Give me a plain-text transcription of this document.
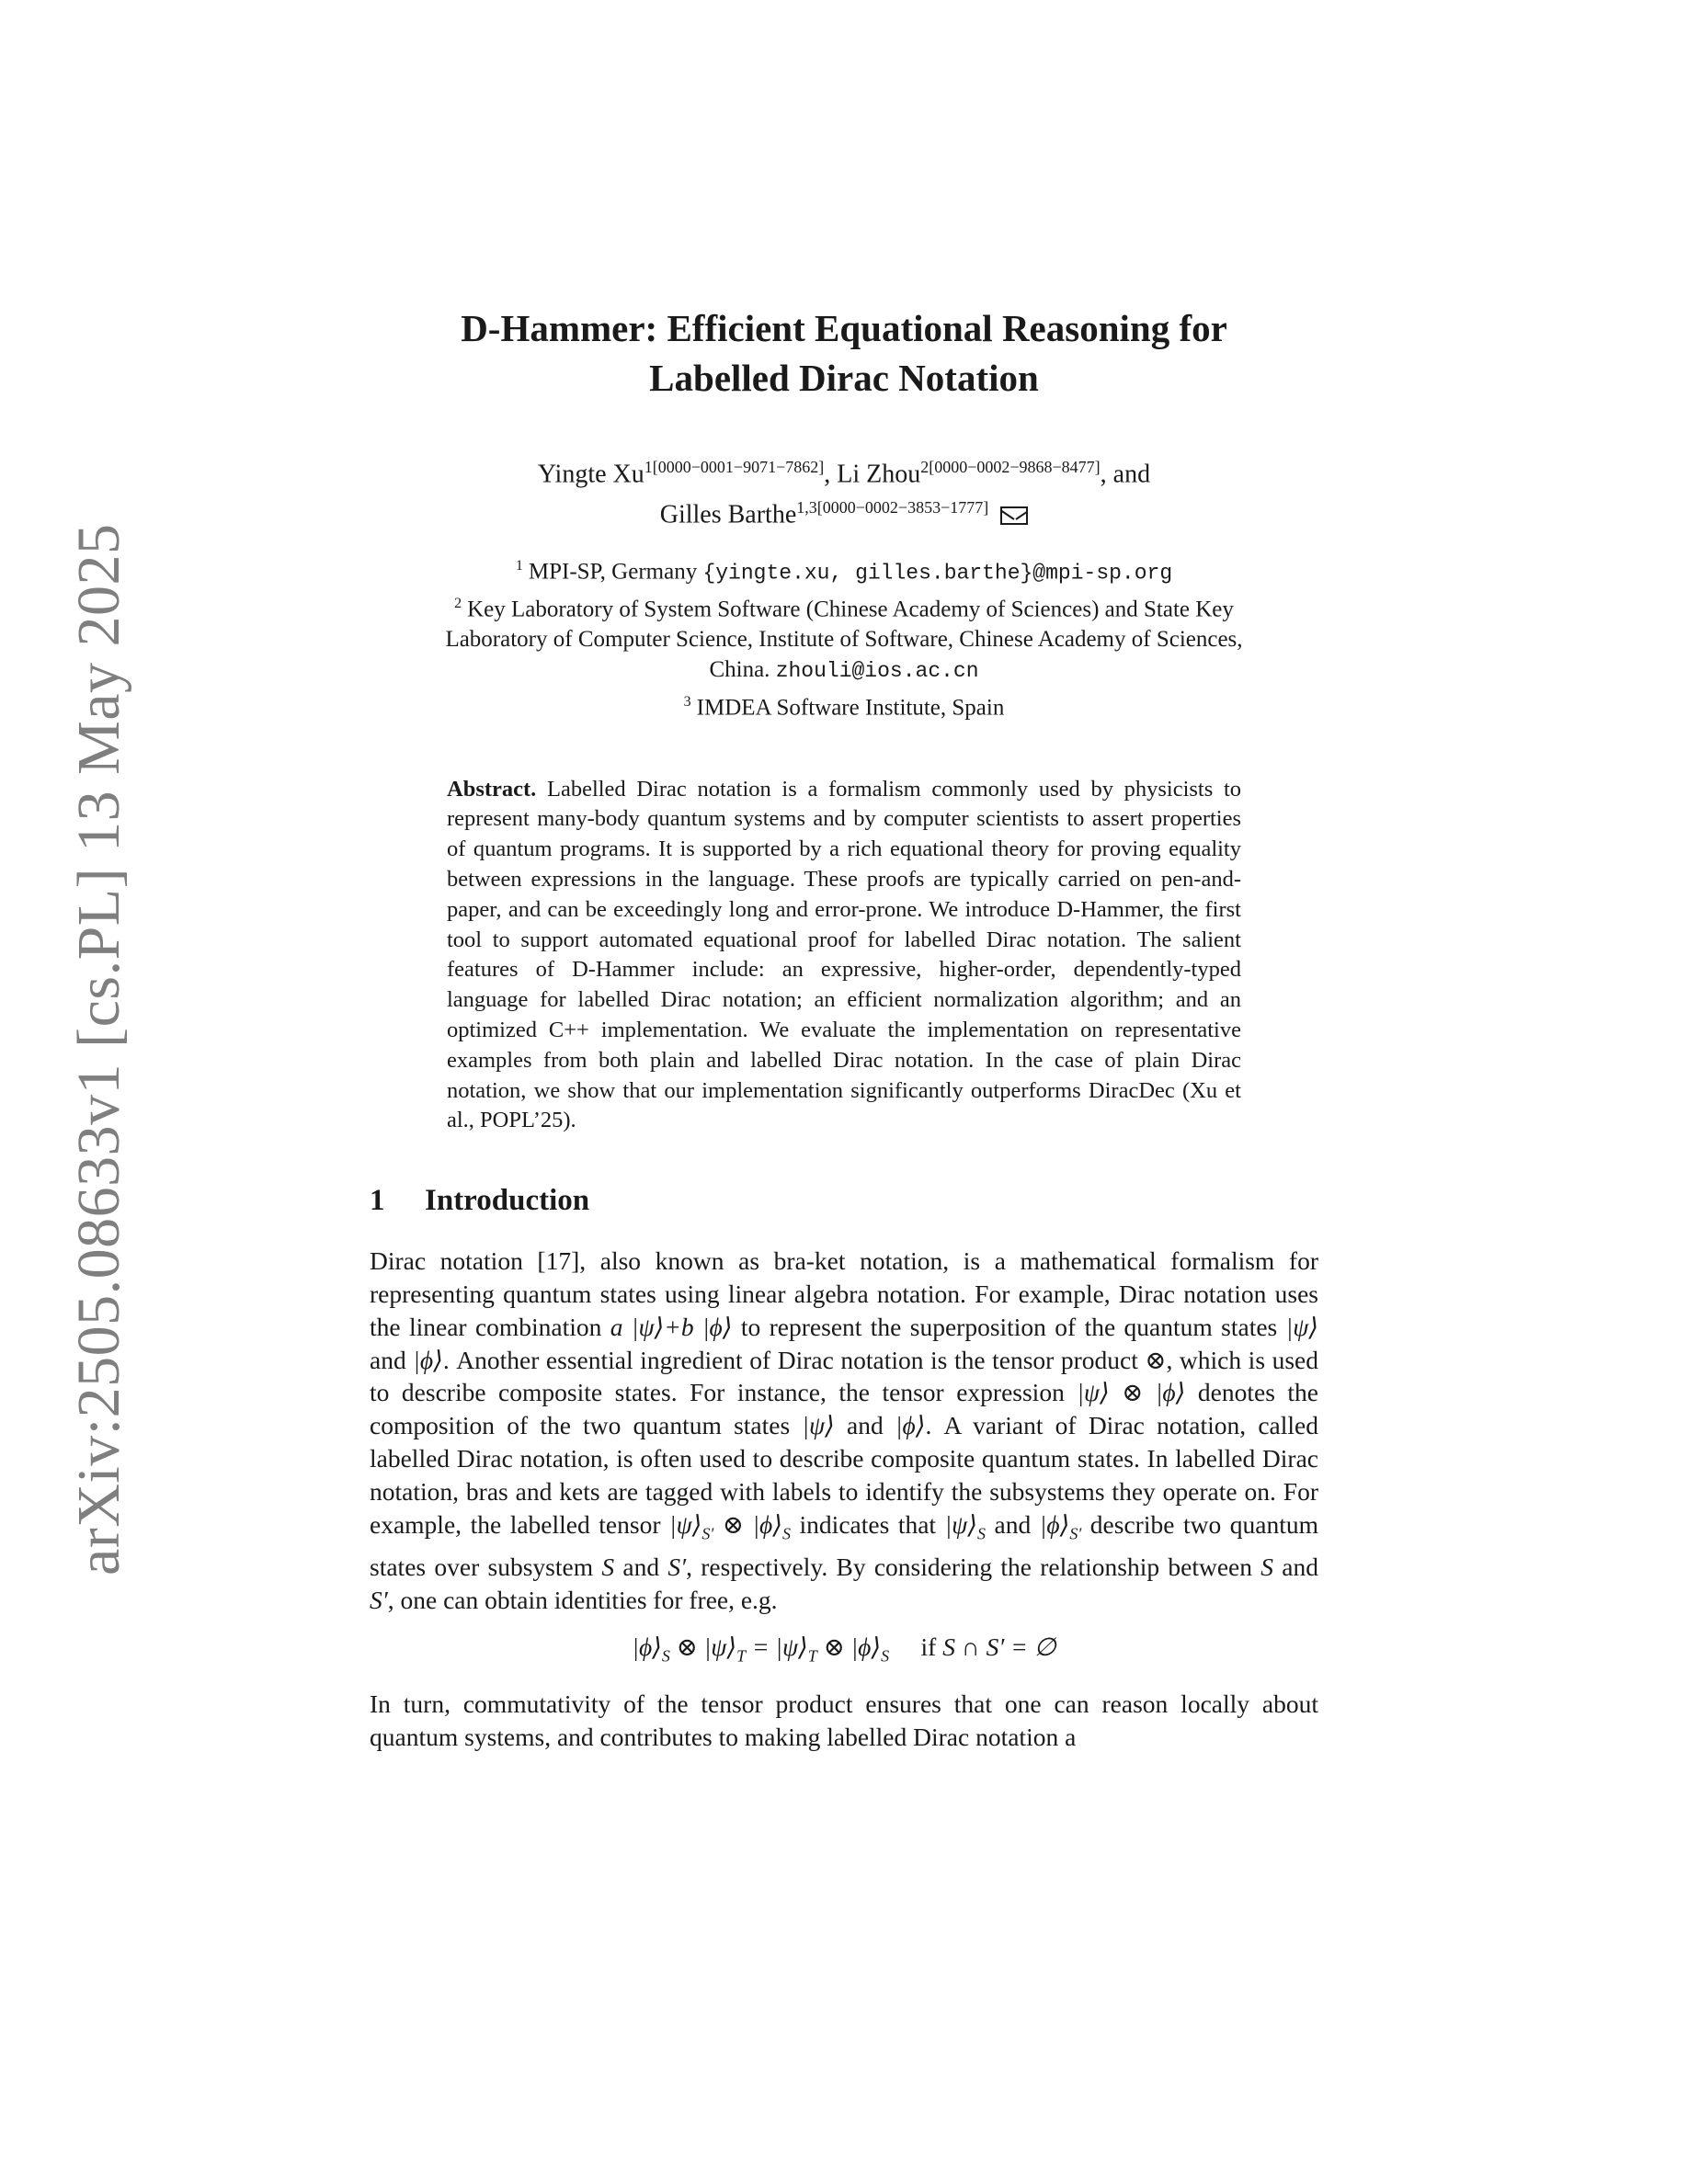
arXiv:2505.08633v1 [cs.PL] 13 May 2025
D-Hammer: Efficient Equational Reasoning for
Labelled Dirac Notation
Yingte $Xu^{1[0000-0001-9071-7862]}$, Li Zhou$^{2[0000-0002-9868-8477]}$, and
Gilles Barthe$^{1,3[0000-0002-3853-1777]}$
$^1$ MPI-SP, Germany {yingte.xu, gilles.barthe}@mpi-sp.org
$^2$ Key Laboratory of System Software (Chinese Academy of Sciences) and State Key
Laboratory of Computer Science, Institute of Software, Chinese Academy of Sciences,
China. zhouli@ios.ac.cn
$^3$ IMDEA Software Institute, Spain
Abstract. Labelled Dirac notation is a formalism commonly used by physicists to represent many-body quantum systems and by computer scientists to assert properties of quantum programs. It is supported by a rich equational theory for proving equality between expressions in the language. These proofs are typically carried on pen-and-paper, and can be exceedingly long and error-prone. We introduce D-Hammer, the first tool to support automated equational proof for labelled Dirac notation. The salient features of D-Hammer include: an expressive, higher-order, dependently-typed language for labelled Dirac notation; an efficient normalization algorithm; and an optimized C++ implementation. We evaluate the implementation on representative examples from both plain and labelled Dirac notation. In the case of plain Dirac notation, we show that our implementation significantly outperforms DiracDec (Xu et al., POPL’25).
1 Introduction

Dirac notation [17], also known as bra-ket notation, is a mathematical formalism for representing quantum states using linear algebra notation. For example, Dirac notation uses the linear combination a |ψ⟩+b |ϕ⟩ to represent the superposition of the quantum states |ψ⟩ and |ϕ⟩. Another essential ingredient of Dirac notation is the tensor product ⊗, which is used to describe composite states. For instance, the tensor expression |ψ⟩ ⊗ |ϕ⟩ denotes the composition of the two quantum states |ψ⟩ and |ϕ⟩. A variant of Dirac notation, called labelled Dirac notation, is often used to describe composite quantum states. In labelled Dirac notation, bras and kets are tagged with labels to identify the subsystems they operate on. For example, the labelled tensor $|\psi⟩_{S'}$ ⊗ $|\phi⟩_S$ indicates that $|\psi⟩_S$ and $|\phi⟩_{S'}$ describe two quantum states over subsystem S and S′, respectively. By considering the relationship between S and S′, one can obtain identities for free, e.g.

$|\phi⟩_S$ ⊗ $|\psi⟩_T$ = $|\psi⟩_T$ ⊗ $|\phi⟩_S$ if S ∩ S′ = ∅

In turn, commutativity of the tensor product ensures that one can reason locally about quantum systems, and contributes to making labelled Dirac notation a
